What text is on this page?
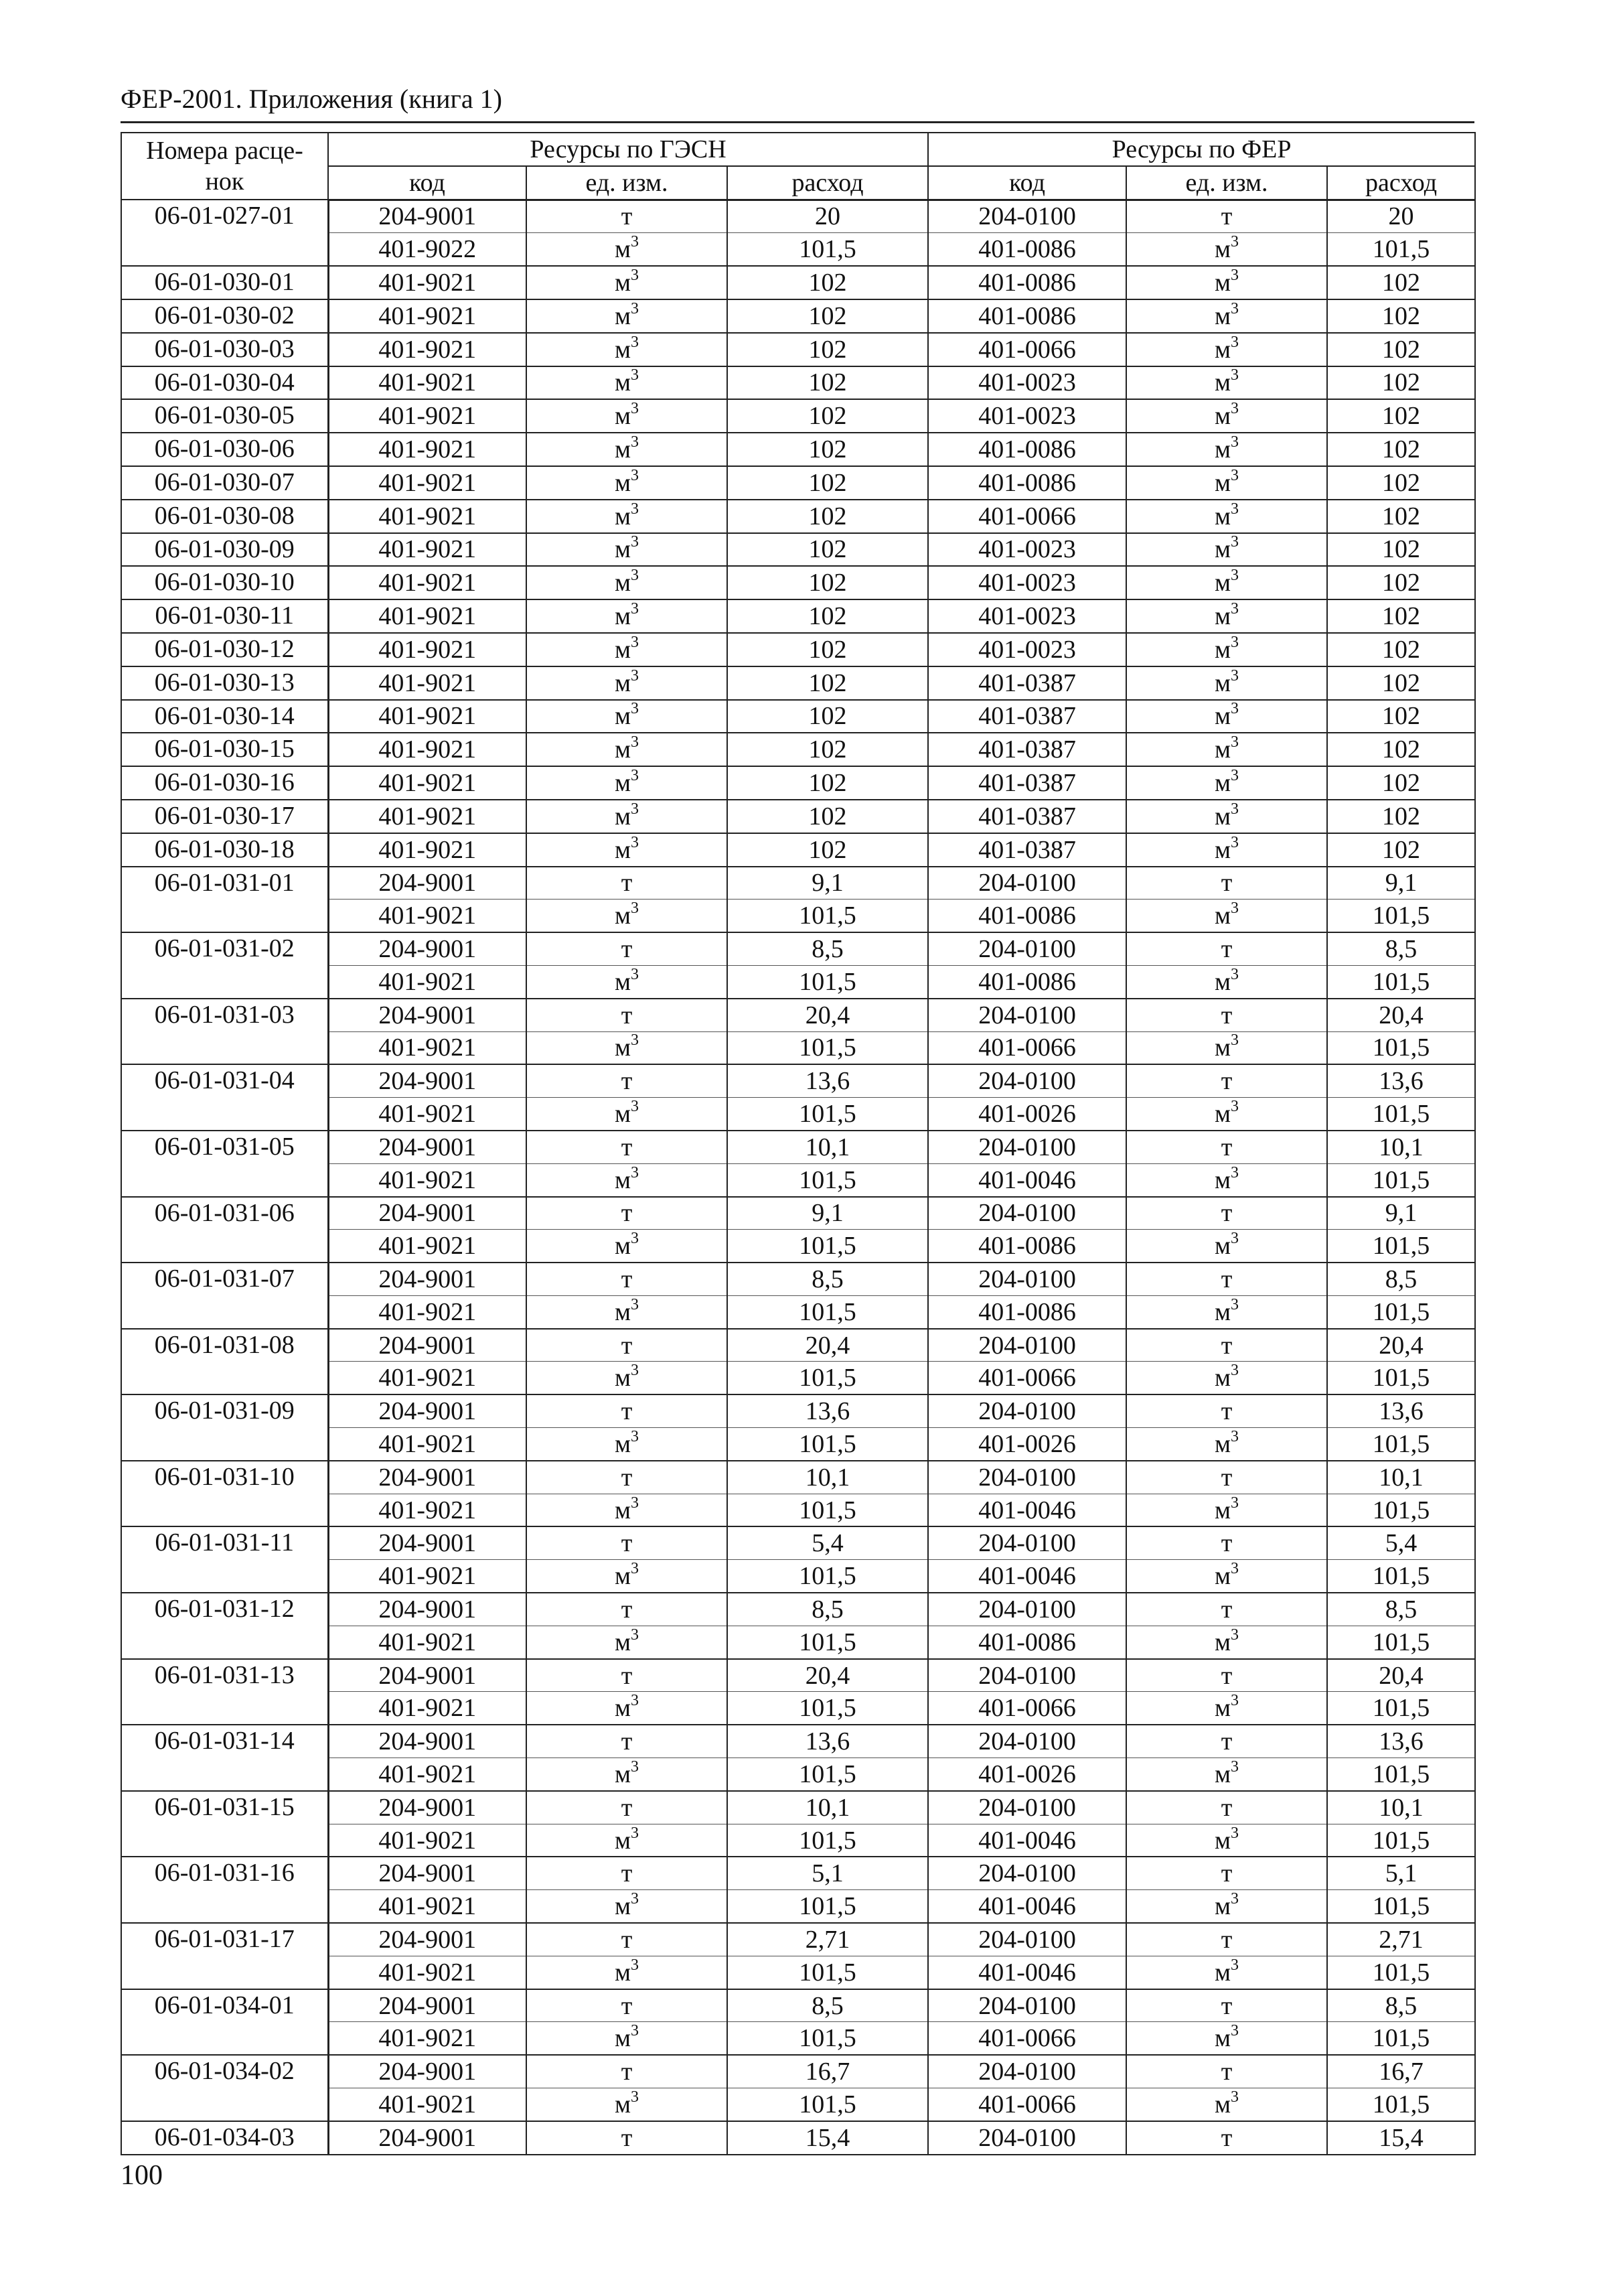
ФЕР-2001. Приложения (книга 1)
Номера расце-
нок	Ресурсы по ГЭСН			Ресурсы по ФЕР		
	код	ед. изм.	расход	код	ед. изм.	расход
06-01-027-01	204-9001	т	20	204-0100	т	20
	401-9022	$м^3$	101,5	401-0086	$м^3$	101,5
06-01-030-01	401-9021	$м^3$	102	401-0086	$м^3$	102
06-01-030-02	401-9021	$м^3$	102	401-0086	$м^3$	102
06-01-030-03	401-9021	$м^3$	102	401-0066	$м^3$	102
06-01-030-04	401-9021	$м^3$	102	401-0023	$м^3$	102
06-01-030-05	401-9021	$м^3$	102	401-0023	$м^3$	102
06-01-030-06	401-9021	$м^3$	102	401-0086	$м^3$	102
06-01-030-07	401-9021	$м^3$	102	401-0086	$м^3$	102
06-01-030-08	401-9021	$м^3$	102	401-0066	$м^3$	102
06-01-030-09	401-9021	$м^3$	102	401-0023	$м^3$	102
06-01-030-10	401-9021	$м^3$	102	401-0023	$м^3$	102
06-01-030-11	401-9021	$м^3$	102	401-0023	$м^3$	102
06-01-030-12	401-9021	$м^3$	102	401-0023	$м^3$	102
06-01-030-13	401-9021	$м^3$	102	401-0387	$м^3$	102
06-01-030-14	401-9021	$м^3$	102	401-0387	$м^3$	102
06-01-030-15	401-9021	$м^3$	102	401-0387	$м^3$	102
06-01-030-16	401-9021	$м^3$	102	401-0387	$м^3$	102
06-01-030-17	401-9021	$м^3$	102	401-0387	$м^3$	102
06-01-030-18	401-9021	$м^3$	102	401-0387	$м^3$	102
06-01-031-01	204-9001	т	9,1	204-0100	т	9,1
	401-9021	$м^3$	101,5	401-0086	$м^3$	101,5
06-01-031-02	204-9001	т	8,5	204-0100	т	8,5
	401-9021	$м^3$	101,5	401-0086	$м^3$	101,5
06-01-031-03	204-9001	т	20,4	204-0100	т	20,4
	401-9021	$м^3$	101,5	401-0066	$м^3$	101,5
06-01-031-04	204-9001	т	13,6	204-0100	т	13,6
	401-9021	$м^3$	101,5	401-0026	$м^3$	101,5
06-01-031-05	204-9001	т	10,1	204-0100	т	10,1
	401-9021	$м^3$	101,5	401-0046	$м^3$	101,5
06-01-031-06	204-9001	т	9,1	204-0100	т	9,1
	401-9021	$м^3$	101,5	401-0086	$м^3$	101,5
06-01-031-07	204-9001	т	8,5	204-0100	т	8,5
	401-9021	$м^3$	101,5	401-0086	$м^3$	101,5
06-01-031-08	204-9001	т	20,4	204-0100	т	20,4
	401-9021	$м^3$	101,5	401-0066	$м^3$	101,5
06-01-031-09	204-9001	т	13,6	204-0100	т	13,6
	401-9021	$м^3$	101,5	401-0026	$м^3$	101,5
06-01-031-10	204-9001	т	10,1	204-0100	т	10,1
	401-9021	$м^3$	101,5	401-0046	$м^3$	101,5
06-01-031-11	204-9001	т	5,4	204-0100	т	5,4
	401-9021	$м^3$	101,5	401-0046	$м^3$	101,5
06-01-031-12	204-9001	т	8,5	204-0100	т	8,5
	401-9021	$м^3$	101,5	401-0086	$м^3$	101,5
06-01-031-13	204-9001	т	20,4	204-0100	т	20,4
	401-9021	$м^3$	101,5	401-0066	$м^3$	101,5
06-01-031-14	204-9001	т	13,6	204-0100	т	13,6
	401-9021	$м^3$	101,5	401-0026	$м^3$	101,5
06-01-031-15	204-9001	т	10,1	204-0100	т	10,1
	401-9021	$м^3$	101,5	401-0046	$м^3$	101,5
06-01-031-16	204-9001	т	5,1	204-0100	т	5,1
	401-9021	$м^3$	101,5	401-0046	$м^3$	101,5
06-01-031-17	204-9001	т	2,71	204-0100	т	2,71
	401-9021	$м^3$	101,5	401-0046	$м^3$	101,5
06-01-034-01	204-9001	т	8,5	204-0100	т	8,5
	401-9021	$м^3$	101,5	401-0066	$м^3$	101,5
06-01-034-02	204-9001	т	16,7	204-0100	т	16,7
	401-9021	$м^3$	101,5	401-0066	$м^3$	101,5
06-01-034-03	204-9001	т	15,4	204-0100	т	15,4
100
